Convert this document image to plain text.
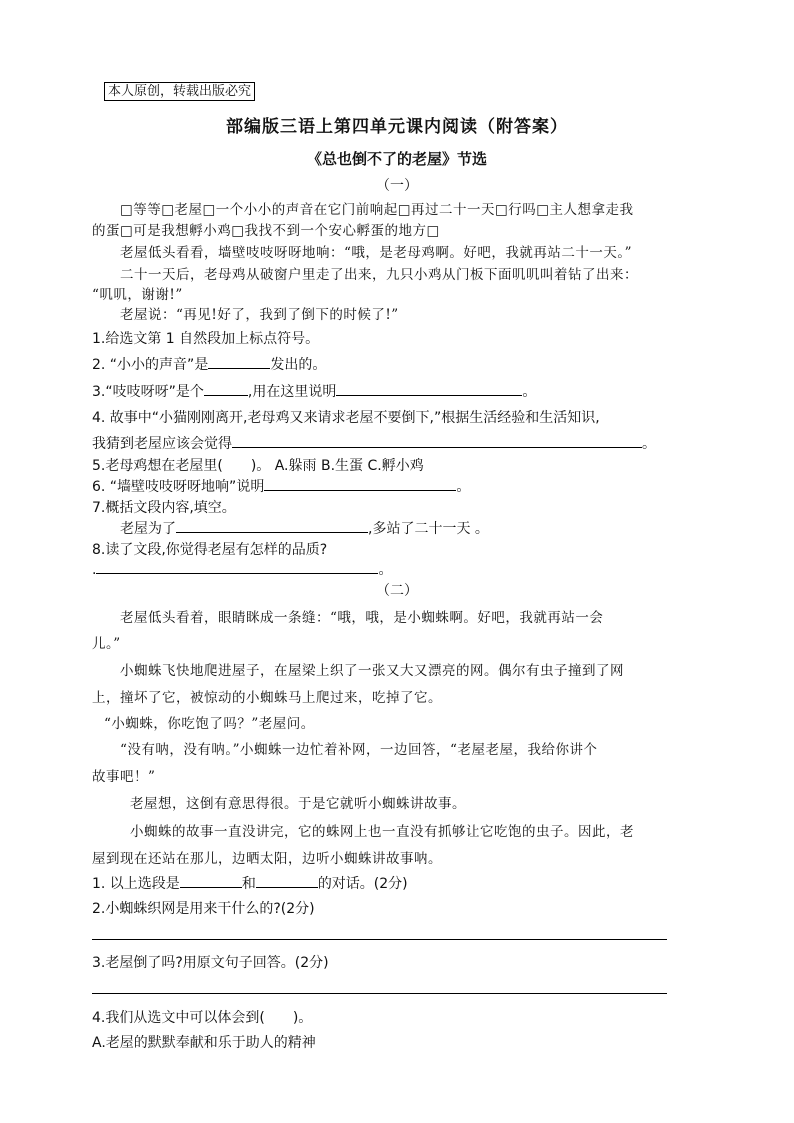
本人原创，转载出版必究
部编版三语上第四单元课内阅读（附答案）
《总也倒不了的老屋》节选
（一）
□等等□老屋□一个小小的声音在它门前响起□再过二十一天□行吗□主人想拿走我
的蛋□可是我想孵小鸡□我找不到一个安心孵蛋的地方□
老屋低头看看，墙壁吱吱呀呀地响：“哦，是老母鸡啊。好吧，我就再站二十一天。”
二十一天后，老母鸡从破窗户里走了出来，九只小鸡从门板下面叽叽叫着钻了出来：
“叽叽，谢谢!”
老屋说：“再见!好了，我到了倒下的时候了!”
1.给选文第 1 自然段加上标点符号。
2. “小小的声音”是	发出的。
3.“吱吱呀呀”是个	,用在这里说明	。
4. 故事中“小猫刚刚离开,老母鸡又来请求老屋不要倒下,”根据生活经验和生活知识,
我猜到老屋应该会觉得	。
5.老母鸡想在老屋里(　　)。 A.躲雨 B.生蛋 C.孵小鸡
6. “墙壁吱吱呀呀地响”说明	。
7.概括文段内容,填空。
老屋为了	,多站了二十一天 。
8.读了文段,你觉得老屋有怎样的品质?
.	。
（二）
老屋低头看着，眼睛眯成一条缝：“哦，哦，是小蜘蛛啊。好吧，我就再站一会
儿。”
小蜘蛛飞快地爬进屋子，在屋梁上织了一张又大又漂亮的网。偶尔有虫子撞到了网
上，撞坏了它，被惊动的小蜘蛛马上爬过来，吃掉了它。
“小蜘蛛，你吃饱了吗？”老屋问。
“没有呐，没有呐。”小蜘蛛一边忙着补网，一边回答，“老屋老屋，我给你讲个
故事吧！”
老屋想，这倒有意思得很。于是它就听小蜘蛛讲故事。
小蜘蛛的故事一直没讲完，它的蛛网上也一直没有抓够让它吃饱的虫子。因此，老
屋到现在还站在那儿，边晒太阳，边听小蜘蛛讲故事呐。
1. 以上选段是	和	的对话。(2分)
2.小蜘蛛织网是用来干什么的?(2分)
3.老屋倒了吗?用原文句子回答。(2分)
4.我们从选文中可以体会到(　　)。
A.老屋的默默奉献和乐于助人的精神
